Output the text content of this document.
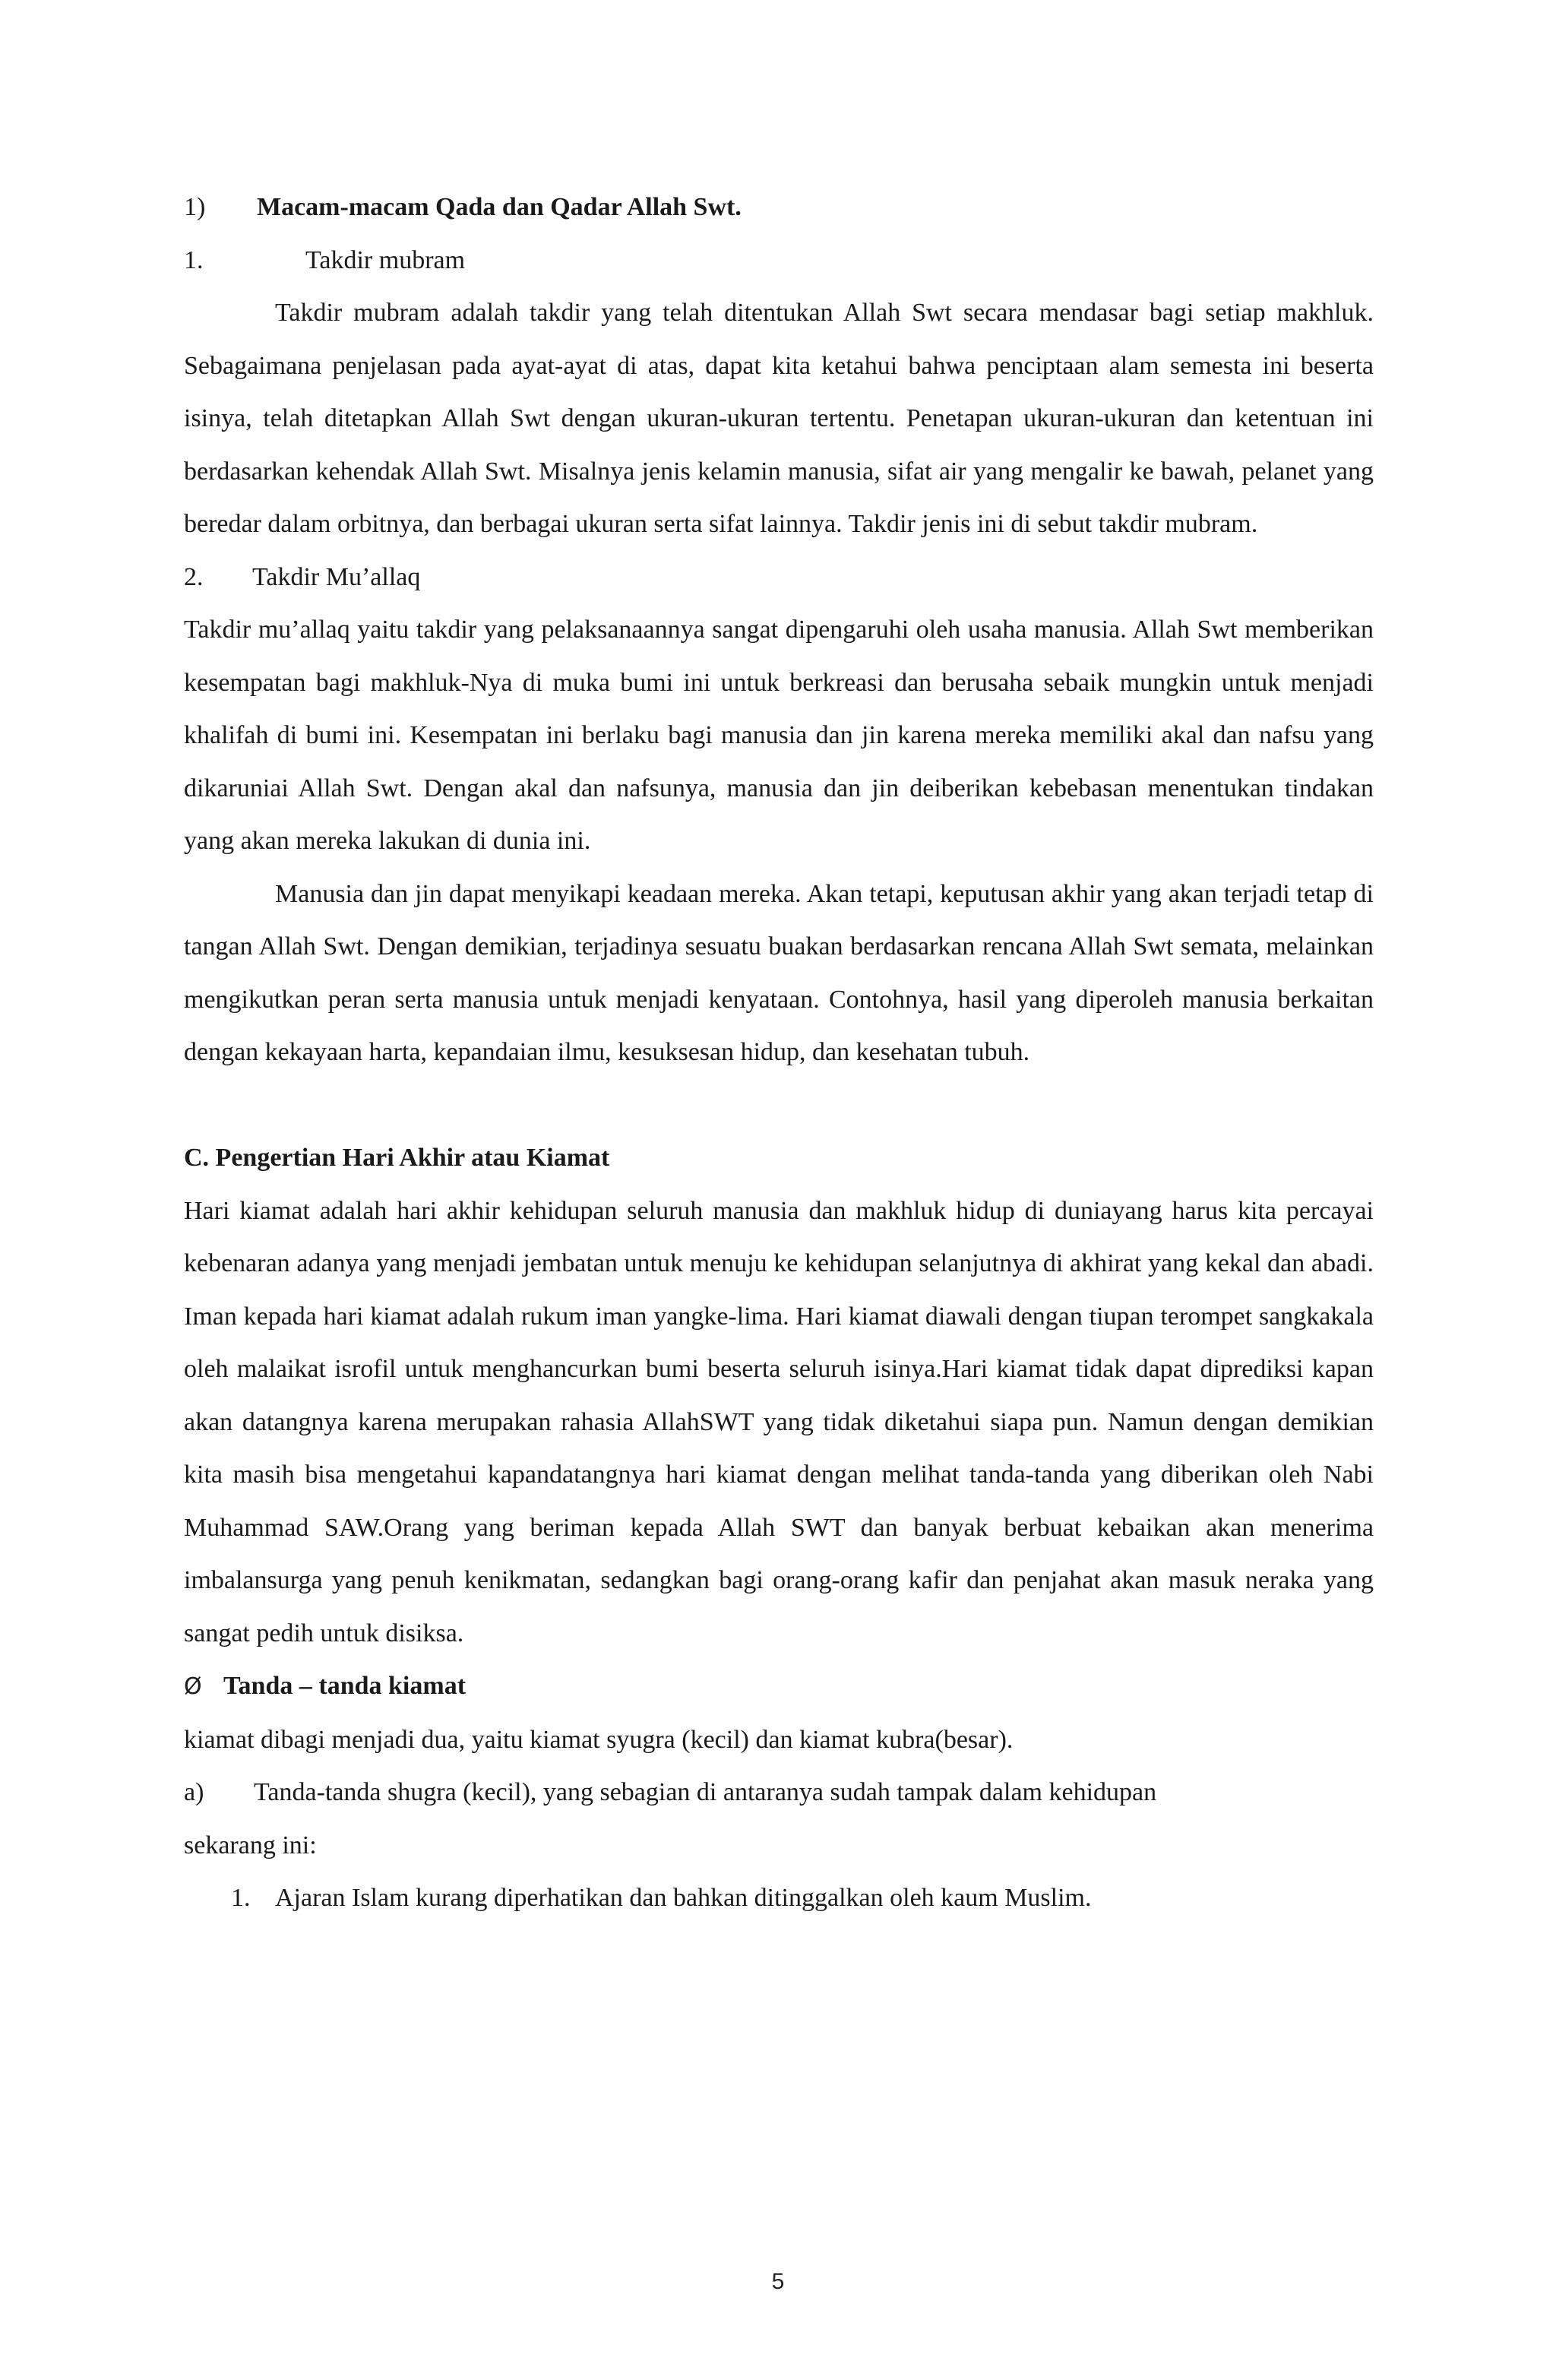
1)	Macam-macam Qada dan Qadar Allah Swt.
1.	Takdir mubram

Takdir mubram adalah takdir yang telah ditentukan Allah Swt secara mendasar bagi setiap makhluk. Sebagaimana penjelasan pada ayat-ayat di atas, dapat kita ketahui bahwa penciptaan alam semesta ini beserta isinya, telah ditetapkan Allah Swt dengan ukuran-ukuran tertentu. Penetapan ukuran-ukuran dan ketentuan ini berdasarkan kehendak Allah Swt. Misalnya jenis kelamin manusia, sifat air yang mengalir ke bawah, pelanet yang beredar dalam orbitnya, dan berbagai ukuran serta sifat lainnya. Takdir jenis ini di sebut takdir mubram.

2.	Takdir Mu’allaq

Takdir mu’allaq yaitu takdir yang pelaksanaannya sangat dipengaruhi oleh usaha manusia. Allah Swt memberikan kesempatan bagi makhluk-Nya di muka bumi ini untuk berkreasi dan berusaha sebaik mungkin untuk menjadi khalifah di bumi ini. Kesempatan ini berlaku bagi manusia dan jin karena mereka memiliki akal dan nafsu yang dikaruniai Allah Swt. Dengan akal dan nafsunya, manusia dan jin deiberikan kebebasan menentukan tindakan yang akan mereka lakukan di dunia ini.

Manusia dan jin dapat menyikapi keadaan mereka. Akan tetapi, keputusan akhir yang akan terjadi tetap di tangan Allah Swt. Dengan demikian, terjadinya sesuatu buakan berdasarkan rencana Allah Swt semata, melainkan mengikutkan peran serta manusia untuk menjadi kenyataan. Contohnya, hasil yang diperoleh manusia berkaitan dengan kekayaan harta, kepandaian ilmu, kesuksesan hidup, dan kesehatan tubuh.

C. Pengertian Hari Akhir atau Kiamat

Hari kiamat adalah hari akhir kehidupan seluruh manusia dan makhluk hidup di duniayang harus kita percayai kebenaran adanya yang menjadi jembatan untuk menuju ke kehidupan selanjutnya di akhirat yang kekal dan abadi. Iman kepada hari kiamat adalah rukum iman yangke-lima. Hari kiamat diawali dengan tiupan terompet sangkakala oleh malaikat isrofil untuk menghancurkan bumi beserta seluruh isinya.Hari kiamat tidak dapat diprediksi kapan akan datangnya karena merupakan rahasia AllahSWT yang tidak diketahui siapa pun. Namun dengan demikian kita masih bisa mengetahui kapandatangnya hari kiamat dengan melihat tanda-tanda yang diberikan oleh Nabi Muhammad SAW.Orang yang beriman kepada Allah SWT dan banyak berbuat kebaikan akan menerima imbalansurga yang penuh kenikmatan, sedangkan bagi orang-orang kafir dan penjahat akan masuk neraka yang sangat pedih untuk disiksa.

Ø Tanda – tanda kiamat
kiamat dibagi menjadi dua, yaitu kiamat syugra (kecil) dan kiamat kubra(besar).
a)	Tanda-tanda shugra (kecil), yang sebagian di antaranya sudah tampak dalam kehidupan
sekarang ini:
1. Ajaran Islam kurang diperhatikan dan bahkan ditinggalkan oleh kaum Muslim.
5
